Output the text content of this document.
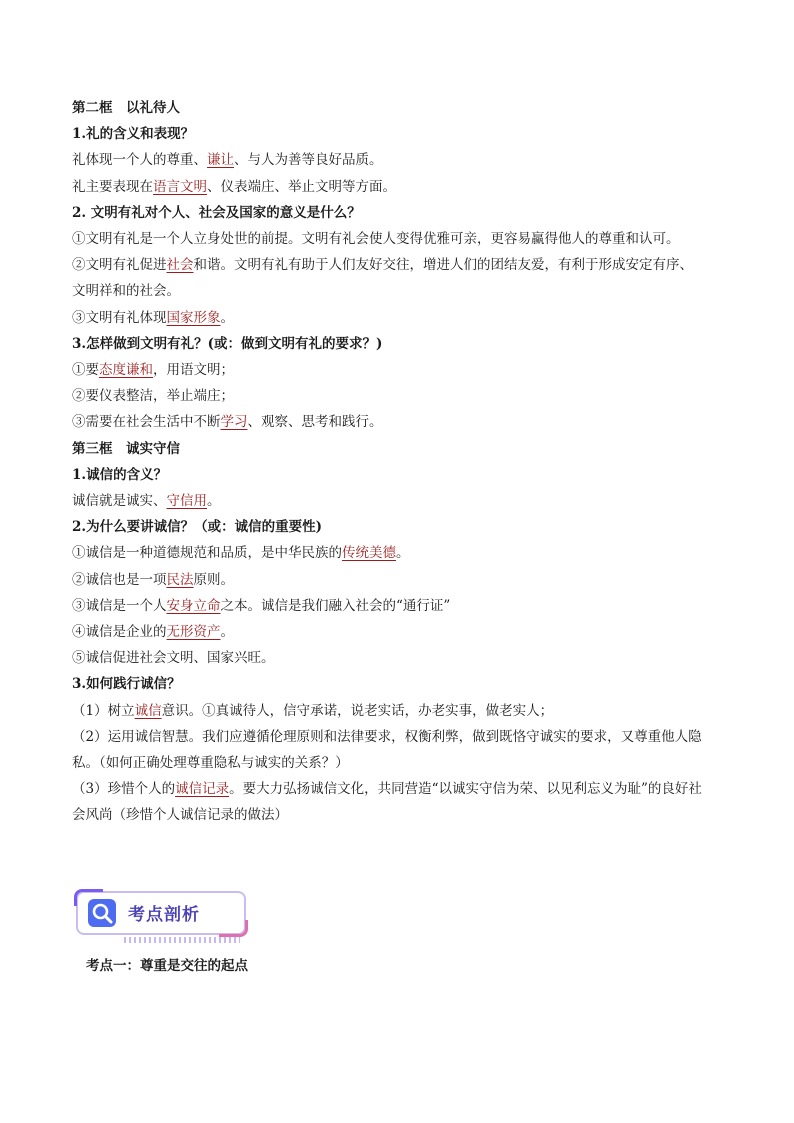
第二框　以礼待人
1.礼的含义和表现？
礼体现一个人的尊重、谦让、与人为善等良好品质。
礼主要表现在语言文明、仪表端庄、举止文明等方面。
2. 文明有礼对个人、社会及国家的意义是什么？
①文明有礼是一个人立身处世的前提。文明有礼会使人变得优雅可亲，更容易赢得他人的尊重和认可。
②文明有礼促进社会和谐。文明有礼有助于人们友好交往，增进人们的团结友爱，有利于形成安定有序、
文明祥和的社会。
③文明有礼体现国家形象。
3.怎样做到文明有礼？(或：做到文明有礼的要求？)
①要态度谦和，用语文明；
②要仪表整洁，举止端庄；
③需要在社会生活中不断学习、观察、思考和践行。
第三框　诚实守信
1.诚信的含义？
诚信就是诚实、守信用。
2.为什么要讲诚信？（或：诚信的重要性)
①诚信是一种道德规范和品质，是中华民族的传统美德。
②诚信也是一项民法原则。
③诚信是一个人安身立命之本。诚信是我们融入社会的“通行证”
④诚信是企业的无形资产。
⑤诚信促进社会文明、国家兴旺。
3.如何践行诚信？
（1）树立诚信意识。①真诚待人，信守承诺，说老实话，办老实事，做老实人；
（2）运用诚信智慧。我们应遵循伦理原则和法律要求，权衡利弊，做到既恪守诚实的要求，又尊重他人隐
私。（如何正确处理尊重隐私与诚实的关系？）
（3）珍惜个人的诚信记录。要大力弘扬诚信文化，共同营造“以诚实守信为荣、以见利忘义为耻”的良好社
会风尚（珍惜个人诚信记录的做法）
考点剖析
考点一：尊重是交往的起点
